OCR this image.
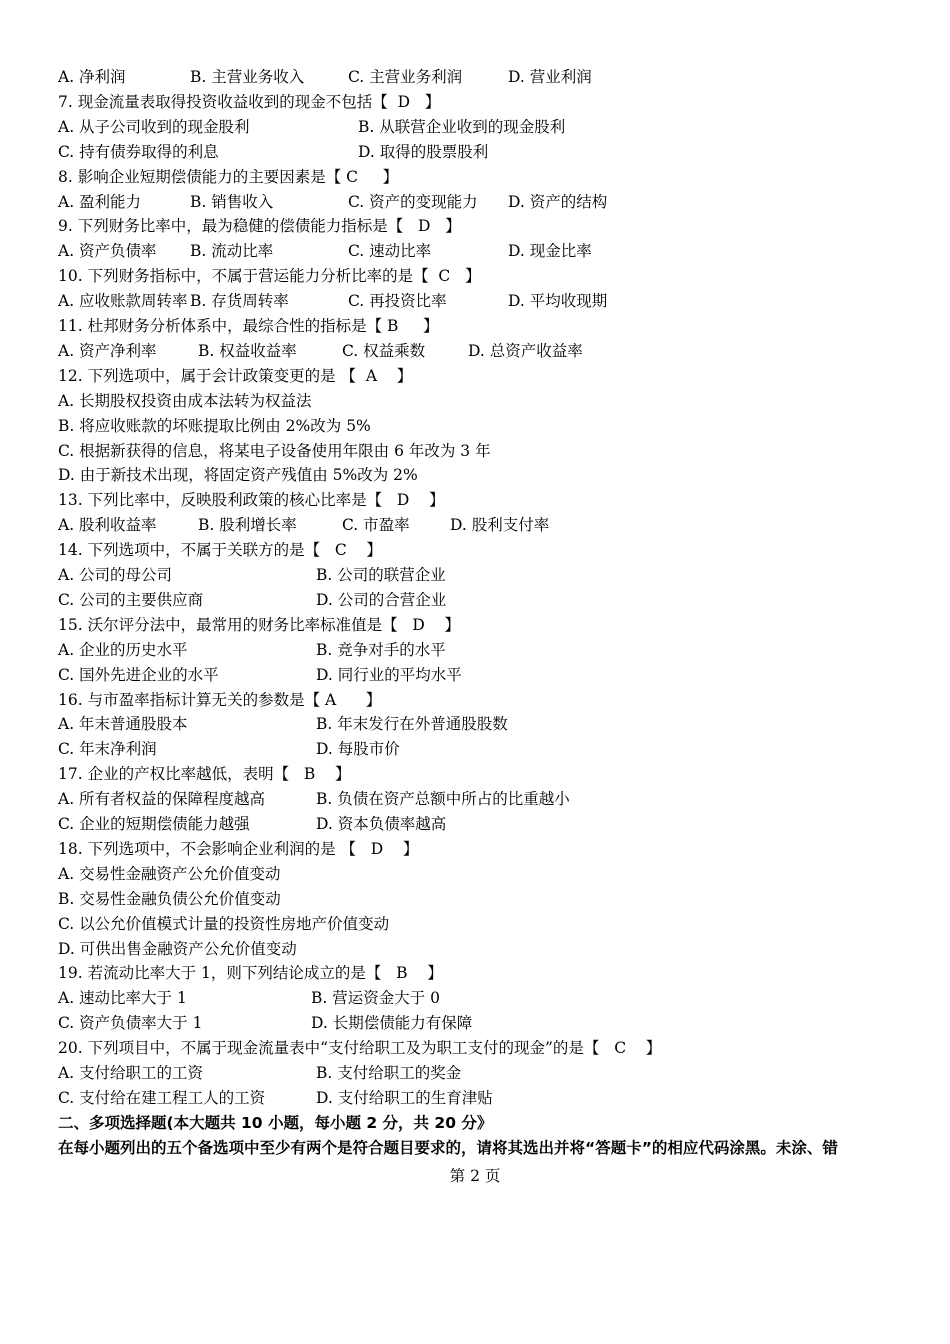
A. 净利润	B. 主营业务收入	C. 主营业务利润	D. 营业利润
7. 现金流量表取得投资收益收到的现金不包括【  D   】
A. 从子公司收到的现金股利	B. 从联营企业收到的现金股利
C. 持有债券取得的利息	D. 取得的股票股利
8. 影响企业短期偿债能力的主要因素是【 C     】
A. 盈利能力	B. 销售收入	C. 资产的变现能力 D. 资产的结构
9. 下列财务比率中，最为稳健的偿债能力指标是【   D   】
A. 资产负债率 B. 流动比率	C. 速动比率	D. 现金比率
10. 下列财务指标中，不属于营运能力分析比率的是【  C   】
A. 应收账款周转率 B. 存货周转率	C. 再投资比率	D. 平均收现期
11. 杜邦财务分析体系中，最综合性的指标是【 B     】
A. 资产净利率	B. 权益收益率	C. 权益乘数	D. 总资产收益率
12. 下列选项中，属于会计政策变更的是 【  A    】
A. 长期股权投资由成本法转为权益法
B. 将应收账款的坏账提取比例由 2%改为 5%
C. 根据新获得的信息，将某电子设备使用年限由 6 年改为 3 年
D. 由于新技术出现，将固定资产残值由 5%改为 2%
13. 下列比率中，反映股利政策的核心比率是【   D    】
A. 股利收益率	B. 股利增长率	C. 市盈率	D. 股利支付率
14. 下列选项中，不属于关联方的是【   C    】
A. 公司的母公司	B. 公司的联营企业
C. 公司的主要供应商	D. 公司的合营企业
15. 沃尔评分法中，最常用的财务比率标准值是【   D    】
A. 企业的历史水平	B. 竞争对手的水平
C. 国外先进企业的水平	D. 同行业的平均水平
16. 与市盈率指标计算无关的参数是【 A      】
A. 年末普通股股本	B. 年末发行在外普通股股数
C. 年末净利润	D. 每股市价
17. 企业的产权比率越低，表明【   B    】
A. 所有者权益的保障程度越高	B. 负债在资产总额中所占的比重越小
C. 企业的短期偿债能力越强	D. 资本负债率越高
18. 下列选项中，不会影响企业利润的是 【   D    】
A. 交易性金融资产公允价值变动
B. 交易性金融负债公允价值变动
C. 以公允价值模式计量的投资性房地产价值变动
D. 可供出售金融资产公允价值变动
19. 若流动比率大于 1，则下列结论成立的是【   B    】
A. 速动比率大于 1	B. 营运资金大于 0
C. 资产负债率大于 1	D. 长期偿债能力有保障
20. 下列项目中，不属于现金流量表中“支付给职工及为职工支付的现金”的是【   C    】
A. 支付给职工的工资	B. 支付给职工的奖金
C. 支付给在建工程工人的工资	D. 支付给职工的生育津贴
二、多项选择题(本大题共 10 小题，每小题 2 分，共 20 分》
在每小题列出的五个备选项中至少有两个是符合题目要求的，请将其选出并将“答题卡”的相应代码涂黑。未涂、错
第 2 页
